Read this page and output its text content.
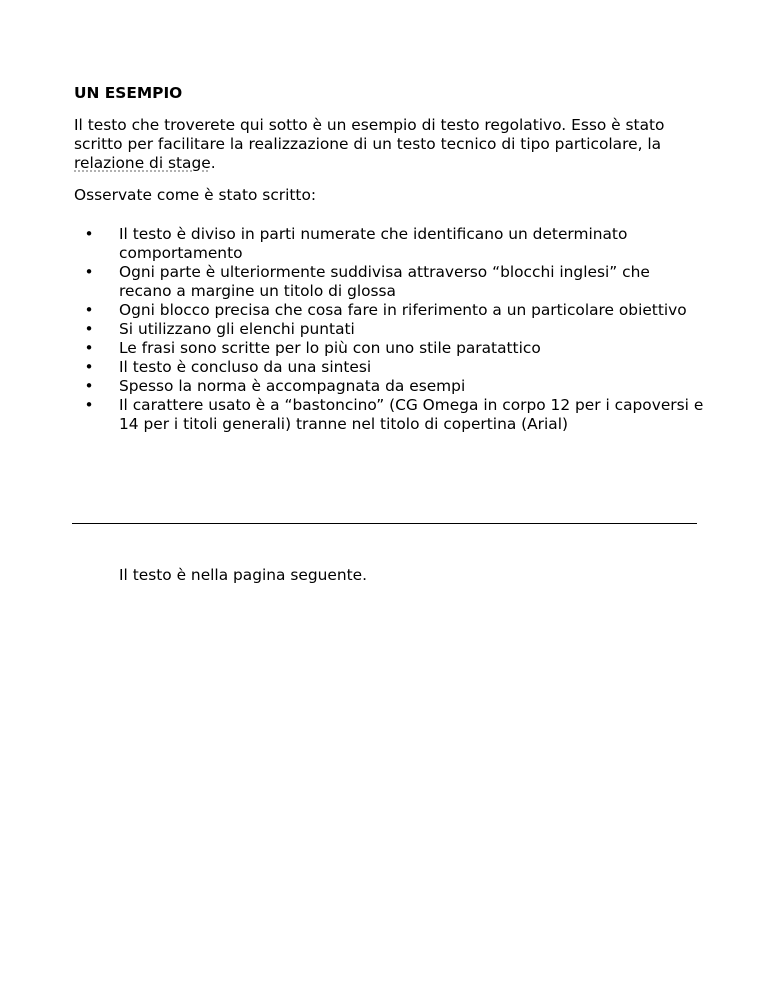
UN ESEMPIO

Il testo che troverete qui sotto è un esempio di testo regolativo. Esso è stato scritto per facilitare la realizzazione di un testo tecnico di tipo particolare, la relazione di stage.

Osservate come è stato scritto:

• Il testo è diviso in parti numerate che identificano un determinato comportamento
• Ogni parte è ulteriormente suddivisa attraverso “blocchi inglesi” che recano a margine un titolo di glossa
• Ogni blocco precisa che cosa fare in riferimento a un particolare obiettivo
• Si utilizzano gli elenchi puntati
• Le frasi sono scritte per lo più con uno stile paratattico
• Il testo è concluso da una sintesi
• Spesso la norma è accompagnata da esempi
• Il carattere usato è a “bastoncino” (CG Omega in corpo 12 per i capoversi e 14 per i titoli generali) tranne nel titolo di copertina (Arial)
Il testo è nella pagina seguente.
